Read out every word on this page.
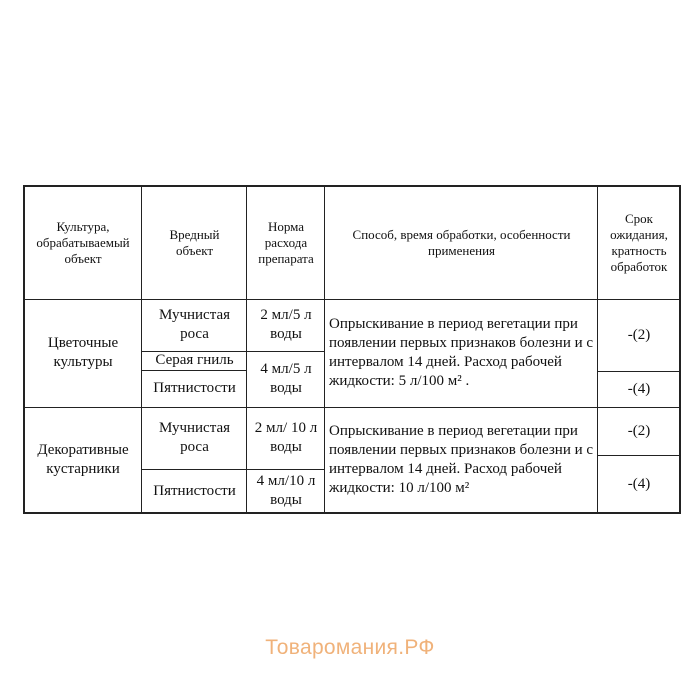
Культура, обрабатываемый объект
Вредный объект
Норма расхода препарата
Способ, время обработки, особенности применения
Срок ожидания, кратность обработок
Цветочные культуры
Мучнистая роса
Серая гниль
Пятнистости
2 мл/5 л воды
4 мл/5 л воды
Опрыскивание в период вегетации при появлении первых признаков болезни и с интервалом 14 дней. Расход рабочей жидкости: 5 л/100 м² .
-(2)
-(4)
Декоративные кустарники
Мучнистая роса
Пятнистости
2 мл/ 10 л воды
4 мл/10 л воды
Опрыскивание в период вегетации при появлении первых признаков болезни и с интервалом 14 дней. Расход рабочей жидкости: 10 л/100 м²
-(2)
-(4)
Товаромания.РФ
